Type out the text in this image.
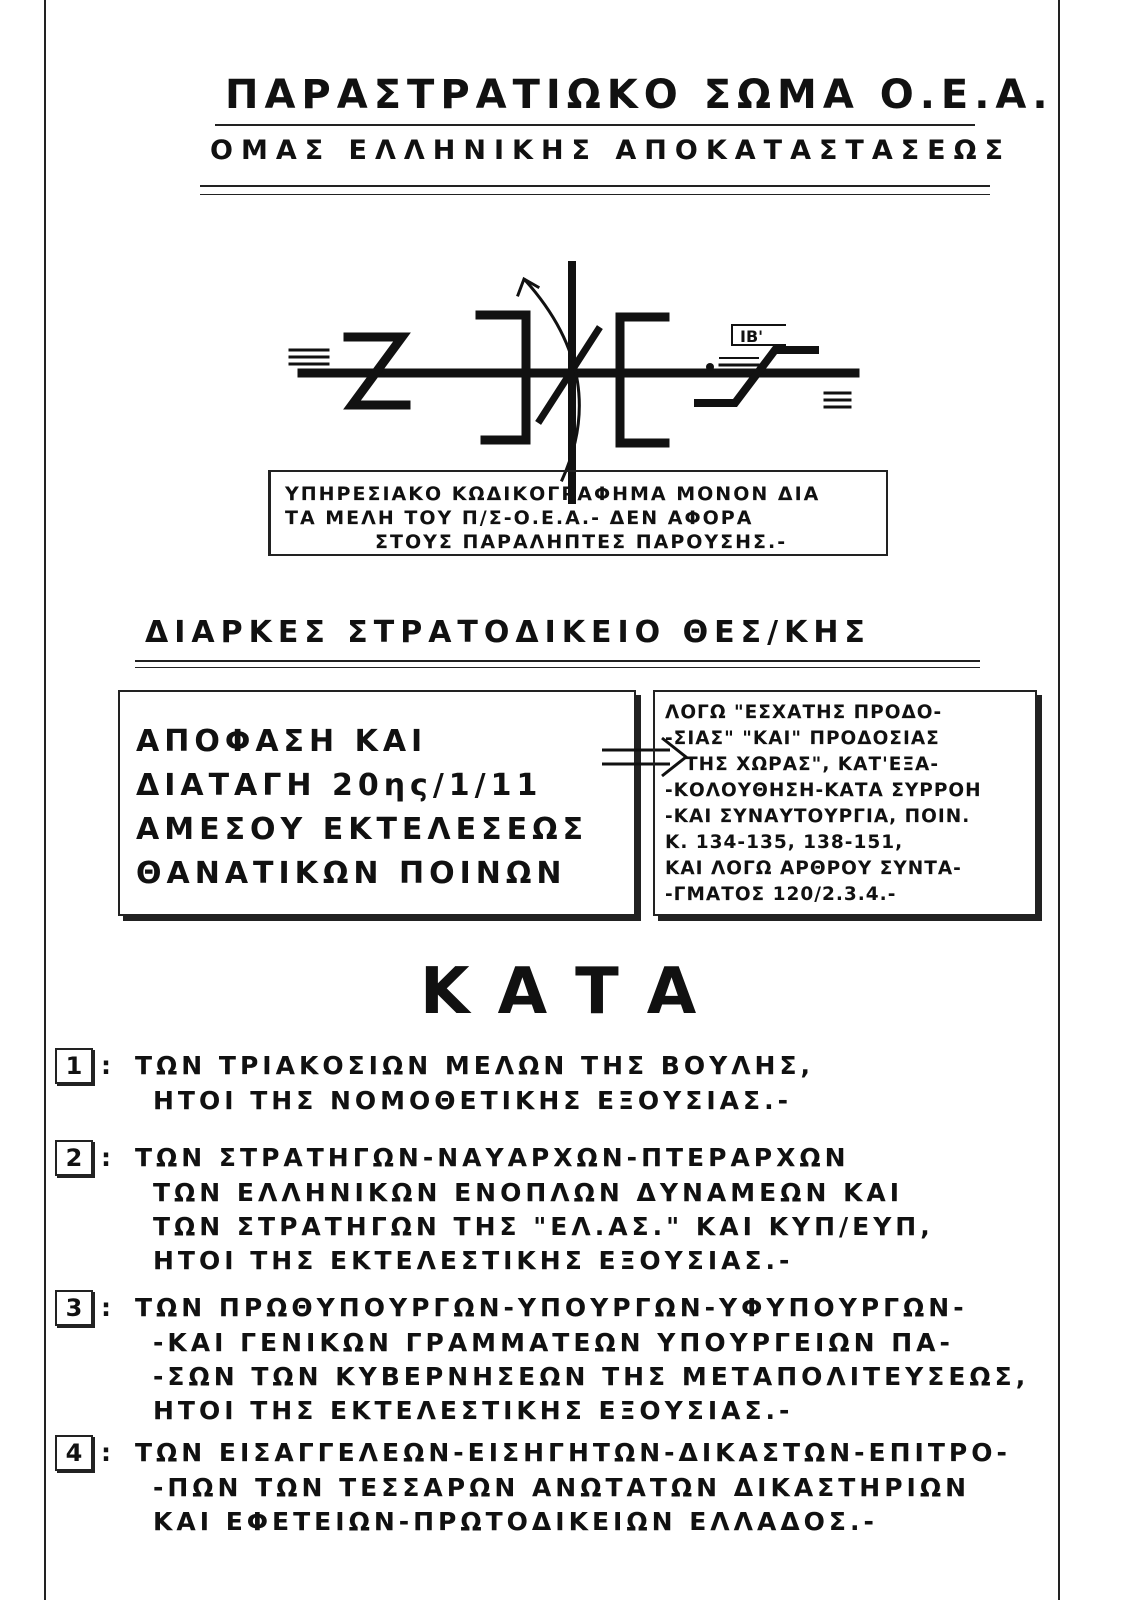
ΠΑΡΑΣΤΡΑΤΙΩΚΟ ΣΩΜΑ Ο.Ε.Α.
ΟΜΑΣ ΕΛΛΗΝΙΚΗΣ ΑΠΟΚΑΤΑΣΤΑΣΕΩΣ
ΙΒ'
ΥΠΗΡΕΣΙΑΚΟ ΚΩΔΙΚΟΓΡΑΦΗΜΑ ΜΟΝΟΝ ΔΙΑ
ΤΑ ΜΕΛΗ ΤΟΥ Π/Σ-Ο.Ε.Α.- ΔΕΝ ΑΦΟΡΑ
ΣΤΟΥΣ ΠΑΡΑΛΗΠΤΕΣ ΠΑΡΟΥΣΗΣ.-
ΔΙΑΡΚΕΣ ΣΤΡΑΤΟΔΙΚΕΙΟ ΘΕΣ/ΚΗΣ
ΑΠΟΦΑΣΗ ΚΑΙ
ΔΙΑΤΑΓΗ 20ης/1/11
ΑΜΕΣΟΥ ΕΚΤΕΛΕΣΕΩΣ
ΘΑΝΑΤΙΚΩΝ ΠΟΙΝΩΝ
ΛΟΓΩ "ΕΣΧΑΤΗΣ ΠΡΟΔΟ-
-ΣΙΑΣ" "ΚΑΙ" ΠΡΟΔΟΣΙΑΣ
ΤΗΣ ΧΩΡΑΣ", ΚΑΤ'ΕΞΑ-
-ΚΟΛΟΥΘΗΣΗ-ΚΑΤΑ ΣΥΡΡΟΗ
-ΚΑΙ ΣΥΝΑΥΤΟΥΡΓΙΑ, ΠΟΙΝ.
Κ. 134-135, 138-151,
ΚΑΙ ΛΟΓΩ ΑΡΘΡΟΥ ΣΥΝΤΑ-
-ΓΜΑΤΟΣ 120/2.3.4.-
ΚΑΤΑ
1 : ΤΩΝ ΤΡΙΑΚΟΣΙΩΝ ΜΕΛΩΝ ΤΗΣ ΒΟΥΛΗΣ,
ΗΤΟΙ ΤΗΣ ΝΟΜΟΘΕΤΙΚΗΣ ΕΞΟΥΣΙΑΣ.-
2 : ΤΩΝ ΣΤΡΑΤΗΓΩΝ-ΝΑΥΑΡΧΩΝ-ΠΤΕΡΑΡΧΩΝ
ΤΩΝ ΕΛΛΗΝΙΚΩΝ ΕΝΟΠΛΩΝ ΔΥΝΑΜΕΩΝ ΚΑΙ
ΤΩΝ ΣΤΡΑΤΗΓΩΝ ΤΗΣ "ΕΛ.ΑΣ." ΚΑΙ ΚΥΠ/ΕΥΠ,
ΗΤΟΙ ΤΗΣ ΕΚΤΕΛΕΣΤΙΚΗΣ ΕΞΟΥΣΙΑΣ.-
3 : ΤΩΝ ΠΡΩΘΥΠΟΥΡΓΩΝ-ΥΠΟΥΡΓΩΝ-ΥΦΥΠΟΥΡΓΩΝ-
-ΚΑΙ ΓΕΝΙΚΩΝ ΓΡΑΜΜΑΤΕΩΝ ΥΠΟΥΡΓΕΙΩΝ ΠΑ-
-ΣΩΝ ΤΩΝ ΚΥΒΕΡΝΗΣΕΩΝ ΤΗΣ ΜΕΤΑΠΟΛΙΤΕΥΣΕΩΣ,
ΗΤΟΙ ΤΗΣ ΕΚΤΕΛΕΣΤΙΚΗΣ ΕΞΟΥΣΙΑΣ.-
4 : ΤΩΝ ΕΙΣΑΓΓΕΛΕΩΝ-ΕΙΣΗΓΗΤΩΝ-ΔΙΚΑΣΤΩΝ-ΕΠΙΤΡΟ-
-ΠΩΝ ΤΩΝ ΤΕΣΣΑΡΩΝ ΑΝΩΤΑΤΩΝ ΔΙΚΑΣΤΗΡΙΩΝ
ΚΑΙ ΕΦΕΤΕΙΩΝ-ΠΡΩΤΟΔΙΚΕΙΩΝ ΕΛΛΑΔΟΣ.-
